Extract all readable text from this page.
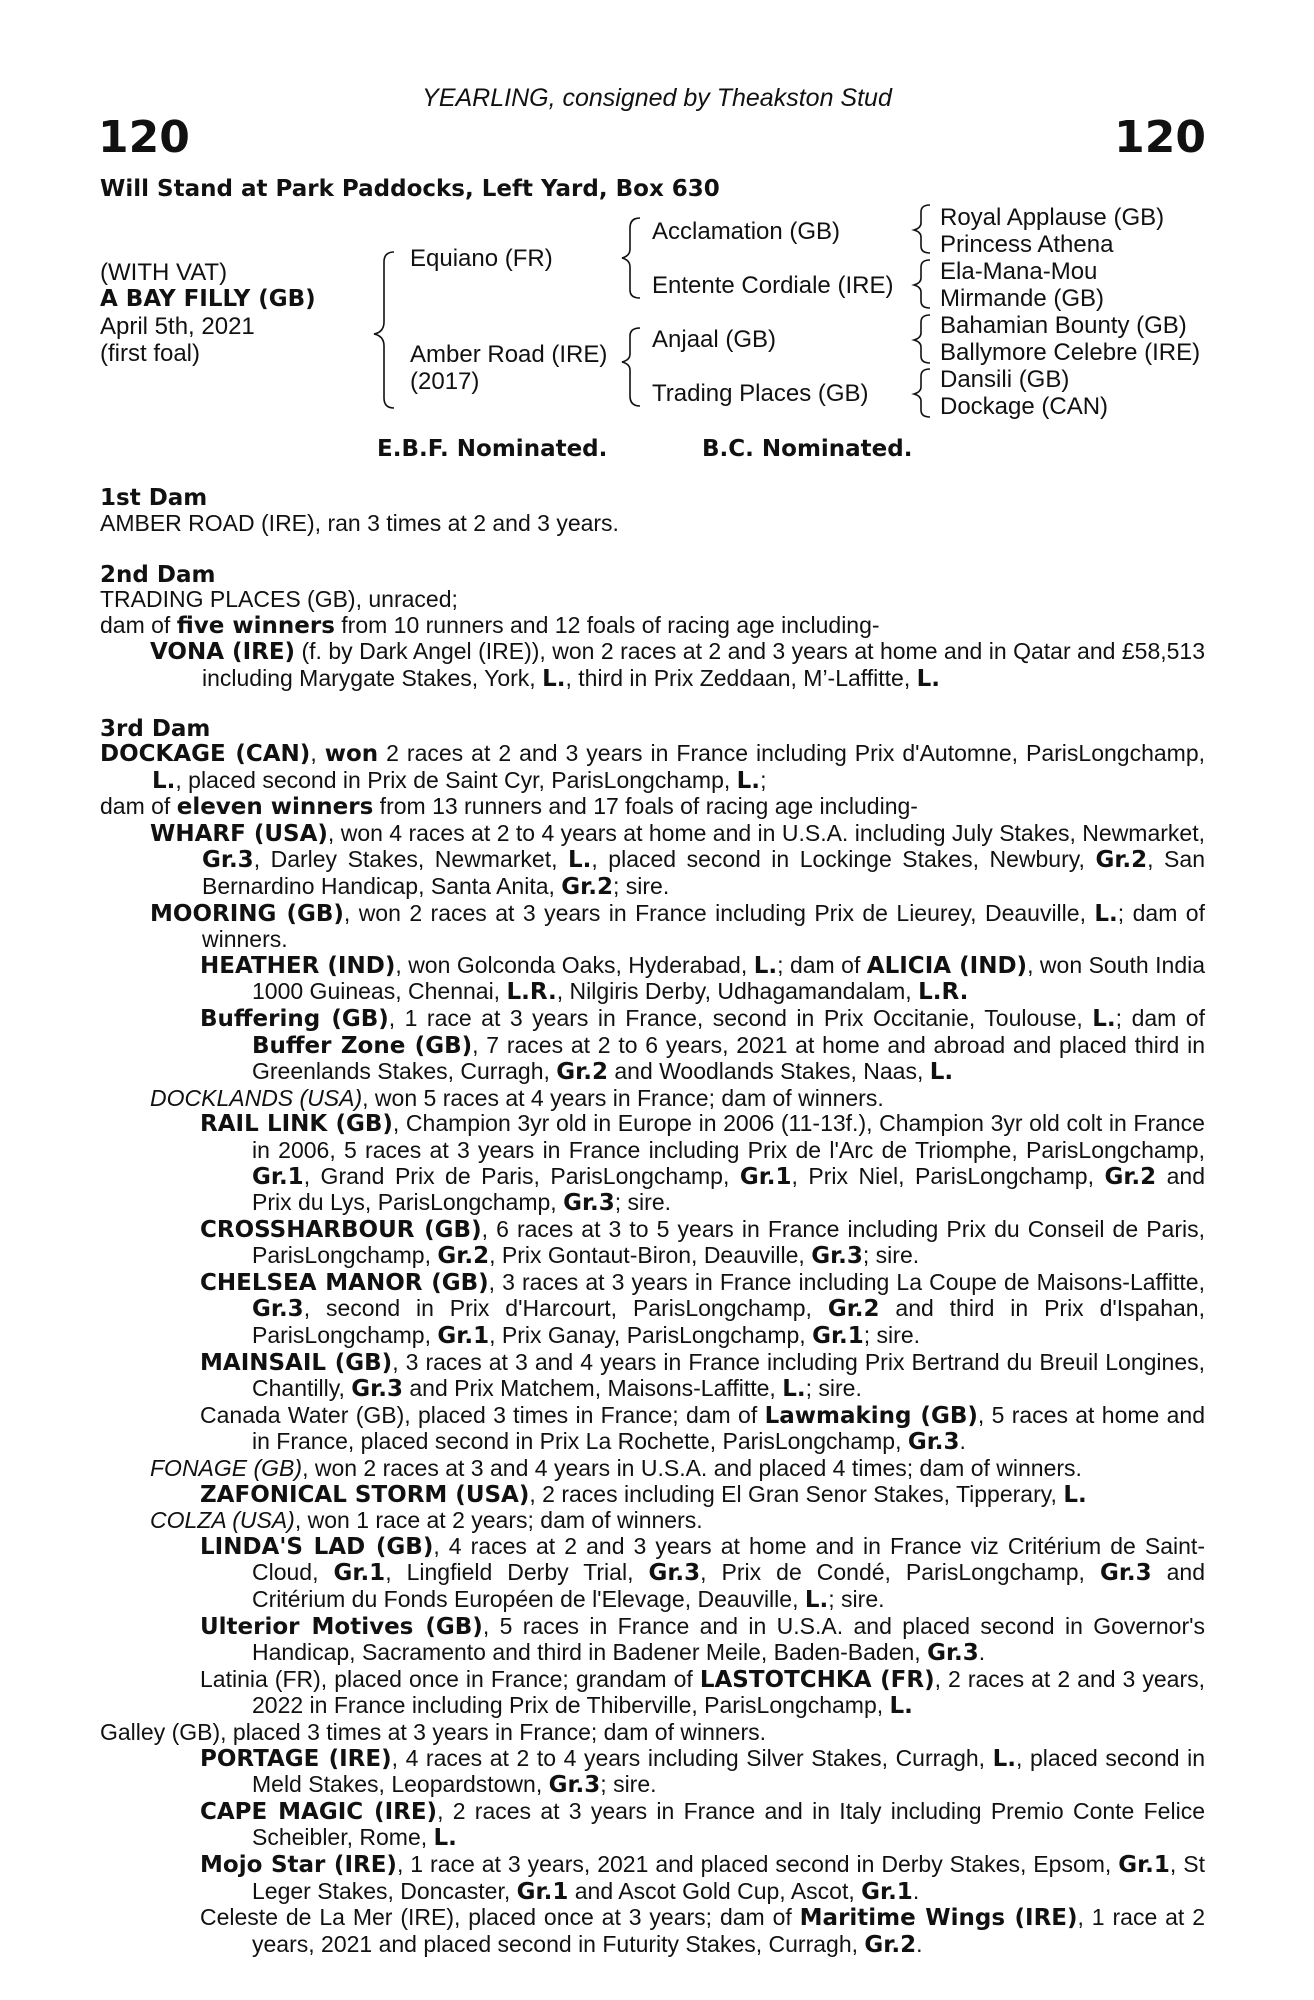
YEARLING, consigned by Theakston Stud
120	120
Will Stand at Park Paddocks, Left Yard, Box 630
(WITH VAT)
A BAY FILLY (GB)
April 5th, 2021
(first foal)
Equiano (FR)
Amber Road (IRE)
(2017)
Acclamation (GB)
Entente Cordiale (IRE)
Anjaal (GB)
Trading Places (GB)
Royal Applause (GB)
Princess Athena
Ela-Mana-Mou
Mirmande (GB)
Bahamian Bounty (GB)
Ballymore Celebre (IRE)
Dansili (GB)
Dockage (CAN)
E.B.F. Nominated.	B.C. Nominated.
1st Dam

AMBER ROAD (IRE), ran 3 times at 2 and 3 years.

2nd Dam

TRADING PLACES (GB), unraced;

dam of five winners from 10 runners and 12 foals of racing age including-

VONA (IRE) (f. by Dark Angel (IRE)), won 2 races at 2 and 3 years at home and in Qatar and £58,513 including Marygate Stakes, York, L., third in Prix Zeddaan, M’-Laffitte, L.

3rd Dam

DOCKAGE (CAN), won 2 races at 2 and 3 years in France including Prix d'Automne, ParisLongchamp, L., placed second in Prix de Saint Cyr, ParisLongchamp, L.;

dam of eleven winners from 13 runners and 17 foals of racing age including-

WHARF (USA), won 4 races at 2 to 4 years at home and in U.S.A. including July Stakes, Newmarket, Gr.3, Darley Stakes, Newmarket, L., placed second in Lockinge Stakes, Newbury, Gr.2, San Bernardino Handicap, Santa Anita, Gr.2; sire.

MOORING (GB), won 2 races at 3 years in France including Prix de Lieurey, Deauville, L.; dam of winners.

HEATHER (IND), won Golconda Oaks, Hyderabad, L.; dam of ALICIA (IND), won South India 1000 Guineas, Chennai, L.R., Nilgiris Derby, Udhagamandalam, L.R.

Buffering (GB), 1 race at 3 years in France, second in Prix Occitanie, Toulouse, L.; dam of Buffer Zone (GB), 7 races at 2 to 6 years, 2021 at home and abroad and placed third in Greenlands Stakes, Curragh, Gr.2 and Woodlands Stakes, Naas, L.

DOCKLANDS (USA), won 5 races at 4 years in France; dam of winners.

RAIL LINK (GB), Champion 3yr old in Europe in 2006 (11-13f.), Champion 3yr old colt in France in 2006, 5 races at 3 years in France including Prix de l'Arc de Triomphe, ParisLongchamp, Gr.1, Grand Prix de Paris, ParisLongchamp, Gr.1, Prix Niel, ParisLongchamp, Gr.2 and Prix du Lys, ParisLongchamp, Gr.3; sire.

CROSSHARBOUR (GB), 6 races at 3 to 5 years in France including Prix du Conseil de Paris, ParisLongchamp, Gr.2, Prix Gontaut-Biron, Deauville, Gr.3; sire.

CHELSEA MANOR (GB), 3 races at 3 years in France including La Coupe de Maisons-Laffitte, Gr.3, second in Prix d'Harcourt, ParisLongchamp, Gr.2 and third in Prix d'Ispahan, ParisLongchamp, Gr.1, Prix Ganay, ParisLongchamp, Gr.1; sire.

MAINSAIL (GB), 3 races at 3 and 4 years in France including Prix Bertrand du Breuil Longines, Chantilly, Gr.3 and Prix Matchem, Maisons-Laffitte, L.; sire.

Canada Water (GB), placed 3 times in France; dam of Lawmaking (GB), 5 races at home and in France, placed second in Prix La Rochette, ParisLongchamp, Gr.3.

FONAGE (GB), won 2 races at 3 and 4 years in U.S.A. and placed 4 times; dam of winners.

ZAFONICAL STORM (USA), 2 races including El Gran Senor Stakes, Tipperary, L.

COLZA (USA), won 1 race at 2 years; dam of winners.

LINDA'S LAD (GB), 4 races at 2 and 3 years at home and in France viz Critérium de Saint-Cloud, Gr.1, Lingfield Derby Trial, Gr.3, Prix de Condé, ParisLongchamp, Gr.3 and Critérium du Fonds Européen de l'Elevage, Deauville, L.; sire.

Ulterior Motives (GB), 5 races in France and in U.S.A. and placed second in Governor's Handicap, Sacramento and third in Badener Meile, Baden-Baden, Gr.3.

Latinia (FR), placed once in France; grandam of LASTOTCHKA (FR), 2 races at 2 and 3 years, 2022 in France including Prix de Thiberville, ParisLongchamp, L.

Galley (GB), placed 3 times at 3 years in France; dam of winners.

PORTAGE (IRE), 4 races at 2 to 4 years including Silver Stakes, Curragh, L., placed second in Meld Stakes, Leopardstown, Gr.3; sire.

CAPE MAGIC (IRE), 2 races at 3 years in France and in Italy including Premio Conte Felice Scheibler, Rome, L.

Mojo Star (IRE), 1 race at 3 years, 2021 and placed second in Derby Stakes, Epsom, Gr.1, St Leger Stakes, Doncaster, Gr.1 and Ascot Gold Cup, Ascot, Gr.1.

Celeste de La Mer (IRE), placed once at 3 years; dam of Maritime Wings (IRE), 1 race at 2 years, 2021 and placed second in Futurity Stakes, Curragh, Gr.2.
